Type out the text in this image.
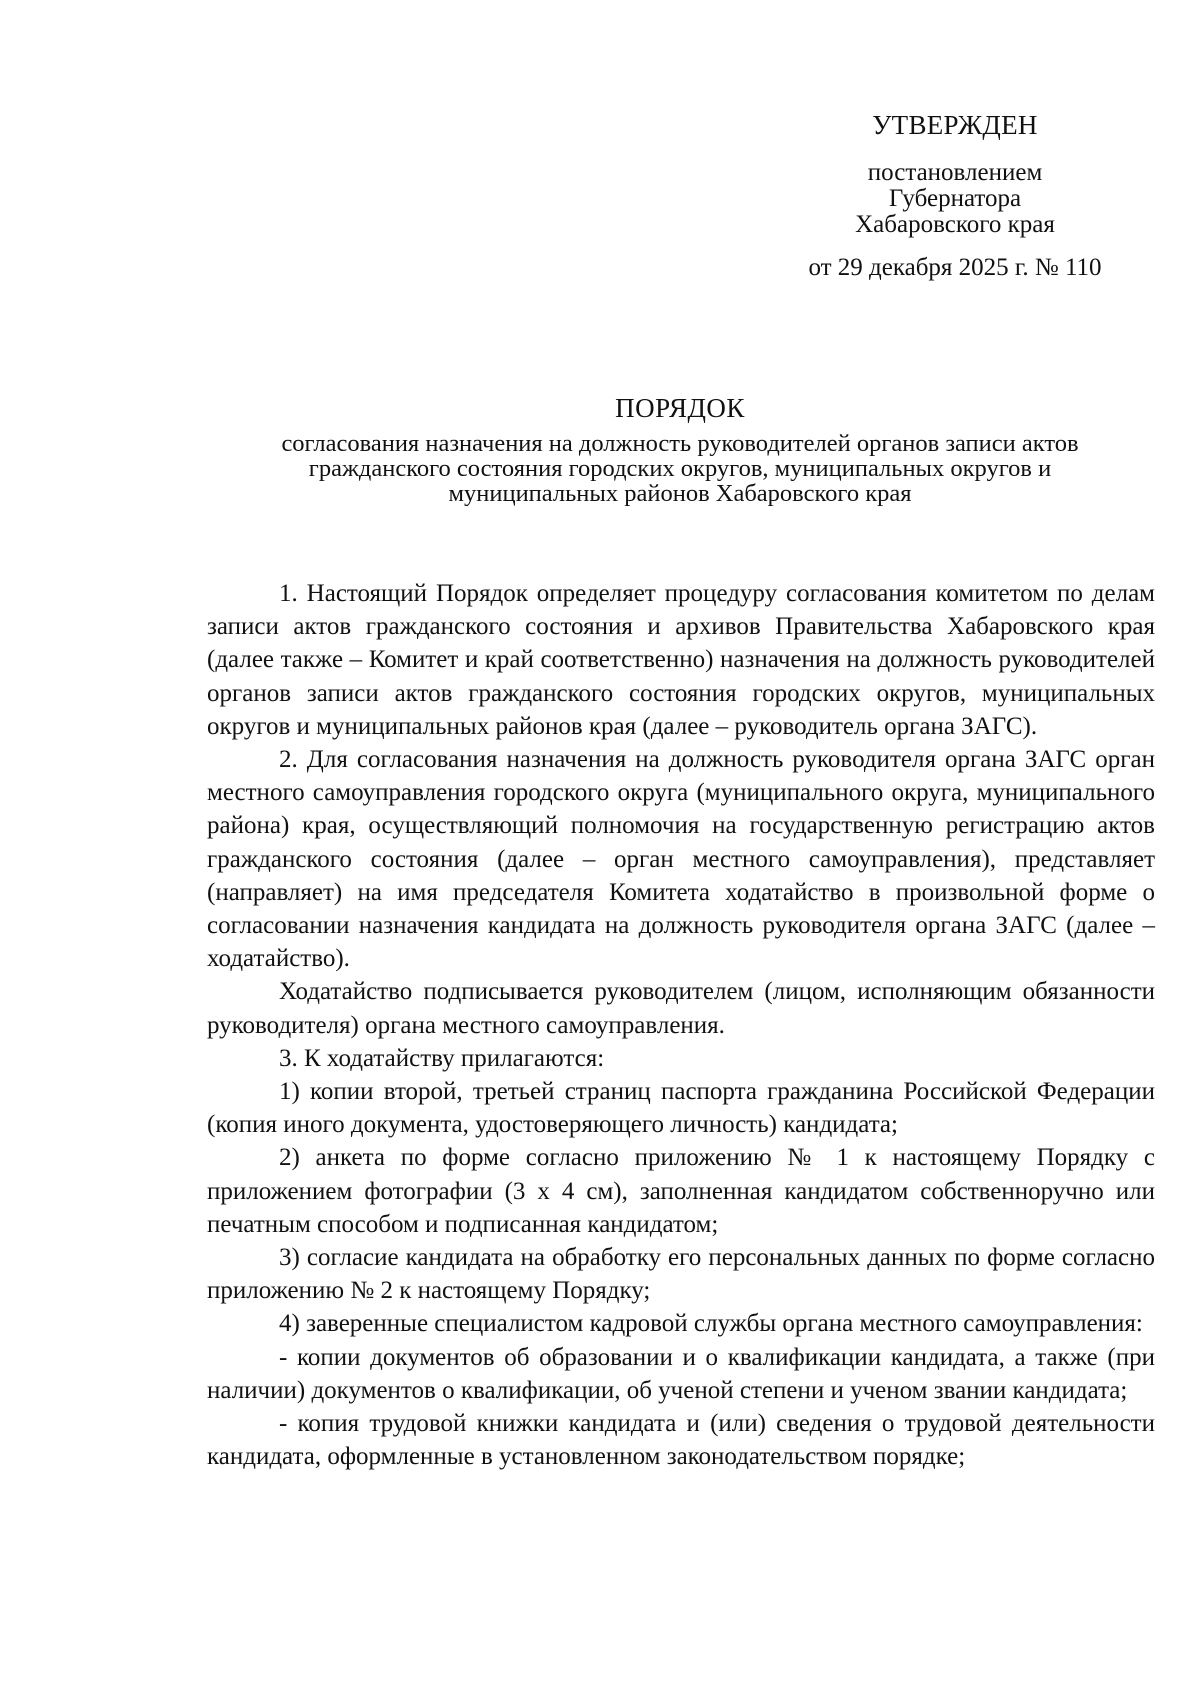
УТВЕРЖДЕН
постановлением
Губернатора
Хабаровского края
от 29 декабря 2025 г. № 110
ПОРЯДОК
согласования назначения на должность руководителей органов записи актов
гражданского состояния городских округов, муниципальных округов и
муниципальных районов Хабаровского края

1. Настоящий Порядок определяет процедуру согласования комитетом по делам записи актов гражданского состояния и архивов Правительства Хабаровского края (далее также – Комитет и край соответственно) назначения на должность руководителей органов записи актов гражданского состояния городских округов, муниципальных округов и муниципальных районов края (далее – руководитель органа ЗАГС).

2. Для согласования назначения на должность руководителя органа ЗАГС орган местного самоуправления городского округа (муниципального округа, муниципального района) края, осуществляющий полномочия на государственную регистрацию актов гражданского состояния (далее – орган местного самоуправления), представляет (направляет) на имя председателя Комитета ходатайство в произвольной форме о согласовании назначения кандидата на должность руководителя органа ЗАГС (далее – ходатайство).

Ходатайство подписывается руководителем (лицом, исполняющим обязанности руководителя) органа местного самоуправления.

3. К ходатайству прилагаются:

1) копии второй, третьей страниц паспорта гражданина Российской Федерации (копия иного документа, удостоверяющего личность) кандидата;

2) анкета по форме согласно приложению № 1 к настоящему Порядку с приложением фотографии (3 х 4 см), заполненная кандидатом собственноручно или печатным способом и подписанная кандидатом;

3) согласие кандидата на обработку его персональных данных по форме согласно приложению № 2 к настоящему Порядку;

4) заверенные специалистом кадровой службы органа местного самоуправления:

- копии документов об образовании и о квалификации кандидата, а также (при наличии) документов о квалификации, об ученой степени и ученом звании кандидата;

- копия трудовой книжки кандидата и (или) сведения о трудовой деятельности кандидата, оформленные в установленном законодательством порядке;
